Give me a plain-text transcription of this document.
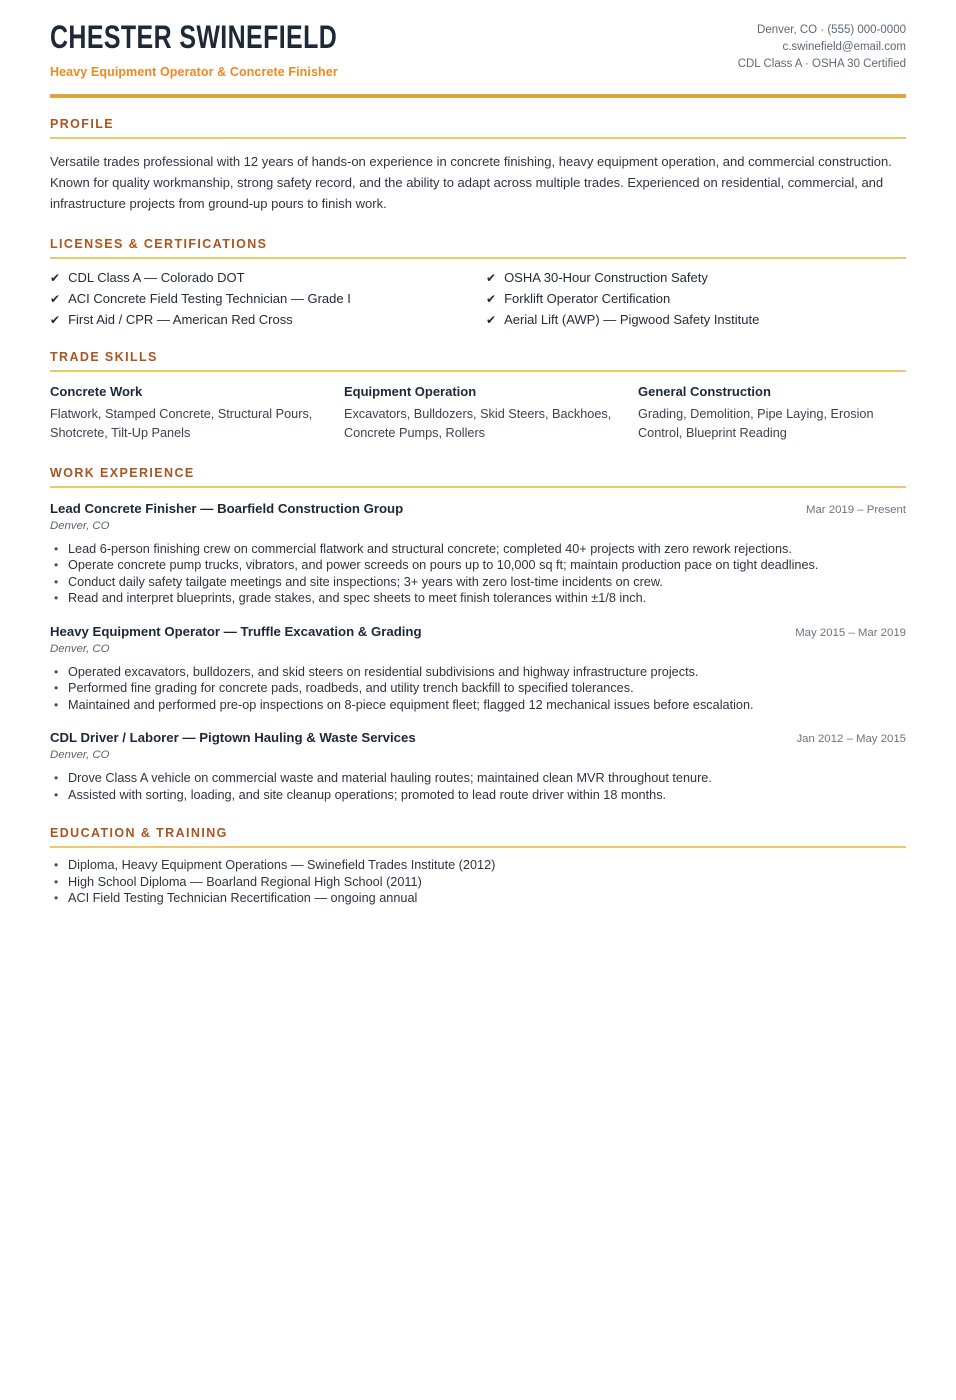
CHESTER SWINEFIELD
Heavy Equipment Operator & Concrete Finisher
Denver, CO · (555) 000-0000
c.swinefield@email.com
CDL Class A · OSHA 30 Certified
PROFILE

Versatile trades professional with 12 years of hands-on experience in concrete finishing, heavy equipment operation, and commercial construction. Known for quality workmanship, strong safety record, and the ability to adapt across multiple trades. Experienced on residential, commercial, and infrastructure projects from ground-up pours to finish work.

LICENSES & CERTIFICATIONS
✔ CDL Class A — Colorado DOT
✔ ACI Concrete Field Testing Technician — Grade I
✔ First Aid / CPR — American Red Cross
✔ OSHA 30-Hour Construction Safety
✔ Forklift Operator Certification
✔ Aerial Lift (AWP) — Pigwood Safety Institute
TRADE SKILLS
Concrete Work
Flatwork, Stamped Concrete, Structural Pours, Shotcrete, Tilt-Up Panels
Equipment Operation
Excavators, Bulldozers, Skid Steers, Backhoes, Concrete Pumps, Rollers
General Construction
Grading, Demolition, Pipe Laying, Erosion Control, Blueprint Reading
WORK EXPERIENCE
Lead Concrete Finisher — Boarfield Construction Group	Mar 2019 – Present
Denver, CO
• Lead 6-person finishing crew on commercial flatwork and structural concrete; completed 40+ projects with zero rework rejections.
• Operate concrete pump trucks, vibrators, and power screeds on pours up to 10,000 sq ft; maintain production pace on tight deadlines.
• Conduct daily safety tailgate meetings and site inspections; 3+ years with zero lost-time incidents on crew.
• Read and interpret blueprints, grade stakes, and spec sheets to meet finish tolerances within ±1/8 inch.
Heavy Equipment Operator — Truffle Excavation & Grading	May 2015 – Mar 2019
Denver, CO
• Operated excavators, bulldozers, and skid steers on residential subdivisions and highway infrastructure projects.
• Performed fine grading for concrete pads, roadbeds, and utility trench backfill to specified tolerances.
• Maintained and performed pre-op inspections on 8-piece equipment fleet; flagged 12 mechanical issues before escalation.
CDL Driver / Laborer — Pigtown Hauling & Waste Services	Jan 2012 – May 2015
Denver, CO
• Drove Class A vehicle on commercial waste and material hauling routes; maintained clean MVR throughout tenure.
• Assisted with sorting, loading, and site cleanup operations; promoted to lead route driver within 18 months.
EDUCATION & TRAINING
• Diploma, Heavy Equipment Operations — Swinefield Trades Institute (2012)
• High School Diploma — Boarland Regional High School (2011)
• ACI Field Testing Technician Recertification — ongoing annual
